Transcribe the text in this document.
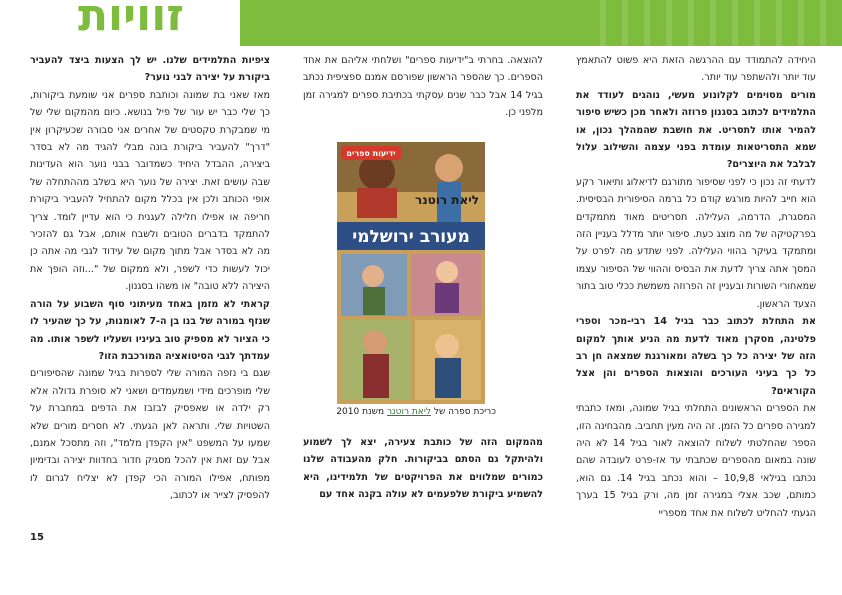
זוויות

היחידה להתמודד עם ההרגשה הזאת היא פשוט להתאמץ עוד יותר ולהשתפר עוד יותר.

מורים מסוימים לקלונוע מעשי, נוהגים לעודד את התלמידים לכתוב בסגנון פרוזה ולאחר מכן כשיש סיפור להמיר אותו לתסריט. את חושבת שהמהלך נכון, או שמא התסריטאות עומדת בפני עצמה והשילוב עלול לבלבל את היוצרים?

לדעתי זה נכון כי לפני שסיפור מתורגם לדיאלוג ותיאור רקע הוא חייב להיות מורגש קודם כל ברמה הסיפורית הבסיסית. המסגרת, הדרמה, העלילה. תסריטים מאוד מתמקדים בפרקטיקה של מה מוצג כעת. סיפור יותר מדלל בעניין הזה ומתמקד בעיקר בהווי העלילה. לפני שתדע מה לפרט על המסך אתה צריך לדעת את הבסיס וההווי של הסיפור עצמו שמאחורי השורות ובעניין זה הפרוזה משמשת ככלי טוב בתור הצעד הראשון.

את התחלת לכתוב כבר בגיל 14 רבי-מכר וספרי פלטינה, מסקרן מאוד לדעת מה הניע אותך למקום הזה של יצירה כל כך בשלה ומאורגנת שמצאה חן רב כל כך בעיני העורכים והוצאות הספרים והן אצל הקוראים?

את הספרים הראשונים התחלתי בגיל שמונה, ומאז כתבתי למגירה ספרים כל הזמן. זה היה מעין תחביב. מהבחינה הזו, הספר שהחלטתי לשלוח להוצאה לאור בגיל 14 לא היה שונה במאום מהספרים שכתבתי עד אז-פרט לעובדה שהם נכתבו בגילאי 10,9,8 – והוא נכתב בגיל 14. גם הוא, כמותם, שכב אצלי במגירה זמן מה, ורק בגיל 15 בערך הגעתי להחליט לשלוח את אחד מספריי

להוצאה. בחרתי ב"ידיעות ספרים" ושלחתי אליהם את אחד הספרים. כך שהספר הראשון שפורסם אמנם ספציפית נכתב בגיל 14 אבל כבר שנים עסקתי בכתיבת ספרים למגירה זמן מלפני כן.

ידיעות ספרים
ליאת רוטנר
מעורב ירושלמי
כריכת ספרה של ליאת רוטנר משנת 2010

מהמקום הזה של כותבת צעירה, יצא לך לשמוע ולהיתקל גם הסתם בביקורות. חלק מהעבודה שלנו כמורים שמלווים את הפרויקטים של תלמידינו, היא להשמיע ביקורת שלפעמים לא עולה בקנה אחד עם

ציפיות התלמידים שלנו. יש לך הצעות ביצד להעביר ביקורת על יצירה לבני נוער?

מאז שאני בת שמונה וכותבת ספרים אני שומעת ביקורות, כך שלי כבר יש עור של פיל בנושא. כיום מהמקום שלי של מי שמבקרת טקסטים של אחרים אני סבורה שכעיקרון אין "דרך" להעביר ביקורת בונה מבלי להגיד מה לא בסדר ביצירה, ההבדל היחיד כשמדובר בבני נוער הוא העדינות שבה עושים זאת. יצירה של נוער היא בשלב מההתחלה של אופי הכותב ולכן אין בכלל מקום להתחיל להעביר ביקורת חריפה או אפילו חלילה לעגנית כי הוא עדיין לומד. צריך להתמקד בדברים הטובים ולשבח אותם, אבל גם להזכיר מה לא בסדר אבל מתוך מקום של עידוד לגבי מה אתה כן יכול לעשות כדי לשפר, ולא ממקום של "...וזה הופך את היצירה ללא טובה" או משהו בסגנון.

קראתי לא מזמן באחד מעיתוני סוף השבוע על הורה שנזף במורה של בנו בן ה-7 לאומנות, על כך שהעיר לו כי הציור לא מספיק טוב בעיניו ושעליו לשפר אותו. מה עמדתך לגבי הסיטואציה המורכבת הזו?

שגם בי נזפה המורה שלי לספרות בגיל שמונה שהסיפורים שלי מופרכים מידי ושמעמדים ושאני לא סופרת גדולה אלא רק ילדה או שאפסיק לבזבז את הדפים במחברת על השטויות שלי. ותראה לאן הגעתי. לא חסרים מורים שלא שמעו על המשפט "אין הקפדן מלמד", וזה מתסכל אמנם, אבל עם זאת אין להכל מסגיק חדור בחדוות יצירה ובדימיון מפותח, אפילו המורה הכי קפדן לא יצליח לגרום לו להפסיק לצייר או לכתוב,

15
